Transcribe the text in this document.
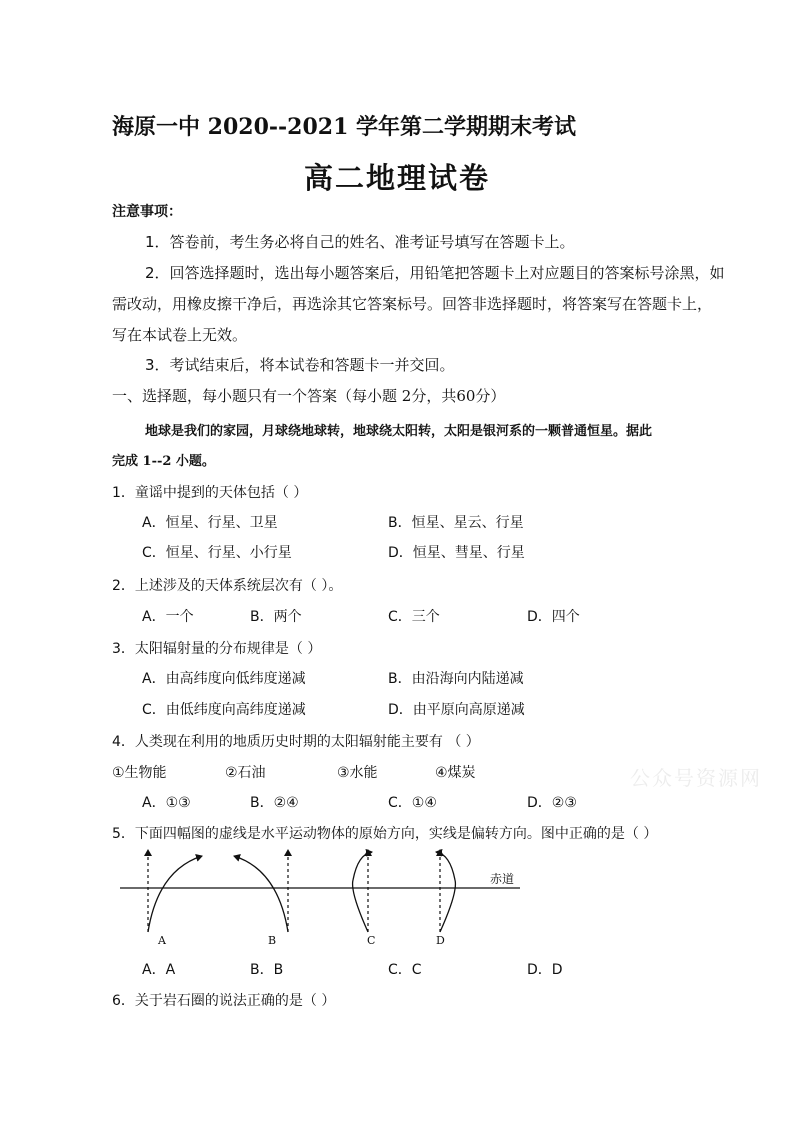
海原一中 2020--2021 学年第二学期期末考试
高二地理试卷
注意事项：
1．答卷前，考生务必将自己的姓名、准考证号填写在答题卡上。
2．回答选择题时，选出每小题答案后，用铅笔把答题卡上对应题目的答案标号涂黑，如
需改动，用橡皮擦干净后，再选涂其它答案标号。回答非选择题时，将答案写在答题卡上，
写在本试卷上无效。
3．考试结束后，将本试卷和答题卡一并交回。
一、选择题，每小题只有一个答案（每小题 2分，共60分）
地球是我们的家园，月球绕地球转，地球绕太阳转，太阳是银河系的一颗普通恒星。据此
完成 1--2 小题。
1．童谣中提到的天体包括（ ）
A．恒星、行星、卫星	B．恒星、星云、行星
C．恒星、行星、小行星	D．恒星、彗星、行星
2．上述涉及的天体系统层次有（ ）。
A．一个	B．两个	C．三个	D．四个
3．太阳辐射量的分布规律是（ ）
A．由高纬度向低纬度递减	B．由沿海向内陆递减
C．由低纬度向高纬度递减	D．由平原向高原递减
4．人类现在利用的地质历史时期的太阳辐射能主要有 （ ）
①生物能	②石油	③水能	④煤炭	公众号资源网
A．①③	B．②④	C．①④	D．②③
5．下面四幅图的虚线是水平运动物体的原始方向，实线是偏转方向。图中正确的是（ ）
赤道
A	B	C	D
A．A	B．B	C．C	D．D
6．关于岩石圈的说法正确的是（ ）
